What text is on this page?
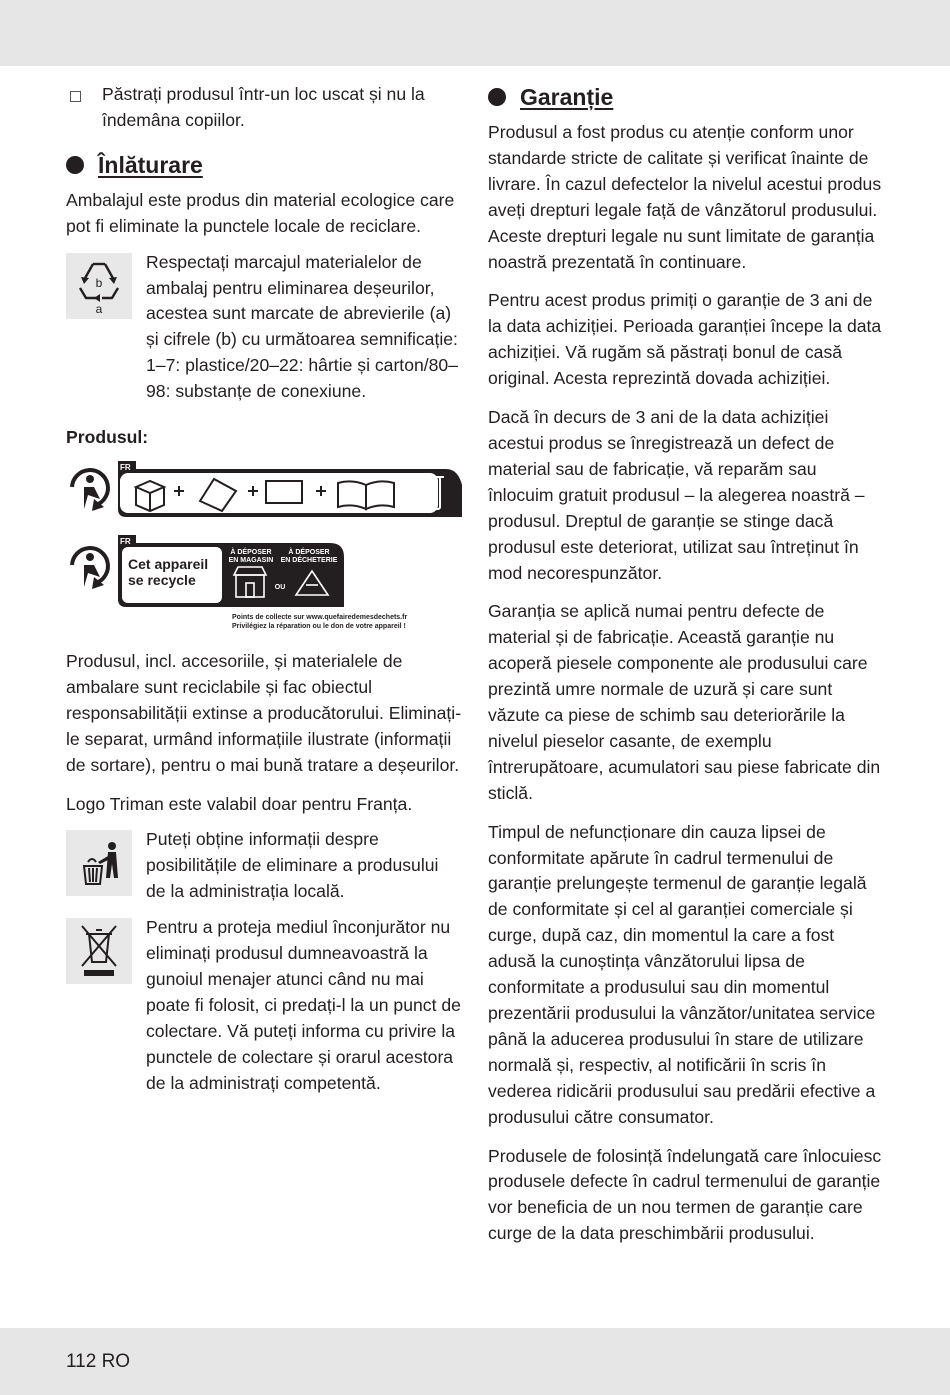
Păstrați produsul într-un loc uscat și nu la îndemâna copiilor.

Înlăturare

Ambalajul este produs din material ecologice care pot fi eliminate la punctele locale de reciclare.

b
a

Respectați marcajul materialelor de ambalaj pentru eliminarea deșeurilor, acestea sunt marcate de abrevierile (a) și cifrele (b) cu următoarea semnificație: 1–7: plastice/20–22: hârtie și carton/80–98: substanțe de conexiune.

Produsul:

FR
FR
Cet appareil
se recycle
À DÉPOSER
EN MAGASIN
À DÉPOSER
EN DÉCHETERIE
OU
Points de collecte sur www.quefairedemesdechets.fr
Privilégiez la réparation ou le don de votre appareil !

Produsul, incl. accesoriile, și materialele de ambalare sunt reciclabile și fac obiectul responsabilității extinse a producătorului. Eliminați-le separat, urmând informațiile ilustrate (informații de sortare), pentru o mai bună tratare a deșeurilor.

Logo Triman este valabil doar pentru Franța.

Puteți obține informații despre posibilitățile de eliminare a produsului de la administrația locală.

Pentru a proteja mediul înconjurător nu eliminați produsul dumneavoastră la gunoiul menajer atunci când nu mai poate fi folosit, ci predați-l la un punct de colectare. Vă puteți informa cu privire la punctele de colectare și orarul acestora de la administrați competentă.

Garanție

Produsul a fost produs cu atenție conform unor standarde stricte de calitate și verificat înainte de livrare. În cazul defectelor la nivelul acestui produs aveți drepturi legale față de vânzătorul produsului. Aceste drepturi legale nu sunt limitate de garanția noastră prezentată în continuare.

Pentru acest produs primiți o garanție de 3 ani de la data achiziției. Perioada garanției începe la data achiziției. Vă rugăm să păstrați bonul de casă original. Acesta reprezintă dovada achiziției.

Dacă în decurs de 3 ani de la data achiziției acestui produs se înregistrează un defect de material sau de fabricație, vă reparăm sau înlocuim gratuit produsul – la alegerea noastră – produsul. Dreptul de garanție se stinge dacă produsul este deteriorat, utilizat sau întreținut în mod necorespunzător.

Garanția se aplică numai pentru defecte de material și de fabricație. Această garanție nu acoperă piesele componente ale produsului care prezintă umre normale de uzură și care sunt văzute ca piese de schimb sau deteriorările la nivelul pieselor casante, de exemplu întrerupătoare, acumulatori sau piese fabricate din sticlă.

Timpul de nefuncționare din cauza lipsei de conformitate apărute în cadrul termenului de garanție prelungește termenul de garanție legală de conformitate și cel al garanției comerciale și curge, după caz, din momentul la care a fost adusă la cunoștința vânzătorului lipsa de conformitate a produsului sau din momentul prezentării produsului la vânzător/unitatea service până la aducerea produsului în stare de utilizare normală și, respectiv, al notificării în scris în vederea ridicării produsului sau predării efective a produsului către consumator.

Produsele de folosință îndelungată care înlocuiesc produsele defecte în cadrul termenului de garanție vor beneficia de un nou termen de garanție care curge de la data preschimbării produsului.

112 RO
